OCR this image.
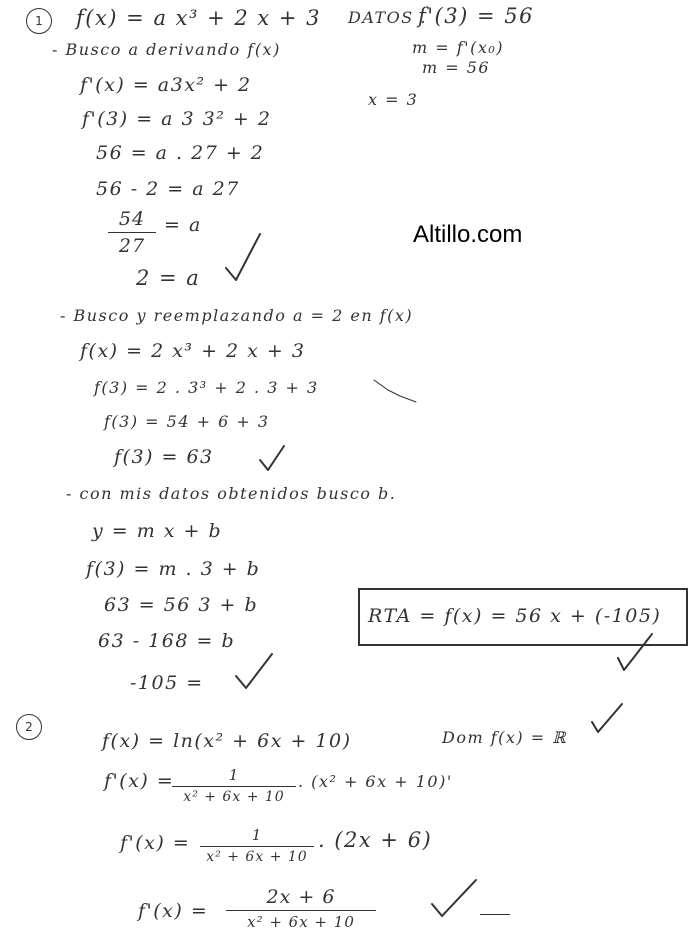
1	f(x) = a x³ + 2 x + 3 DATOS .
f'(3) = 56
m = f'(x₀)
m = 56
x = 3
- Busco a derivando f(x)
f'(x) = a3x² + 2
f'(3) = a 3 3² + 2
56 = a . 27 + 2
56 - 2 = a 27
54
27
= a
2 = a
- Busco y reemplazando a = 2 en f(x)
f(x) = 2 x³ + 2 x + 3
f(3) = 2 . 3³ + 2 . 3 + 3
f(3) = 54 + 6 + 3
f(3) = 63
- con mis datos obtenidos busco b.
y = m x + b
f(3) = m . 3 + b
63 = 56 3 + b
63 - 168 = b
-105 =
RTA = f(x) = 56 x + (-105)
2
f(x) = ln(x² + 6x + 10)	Dom f(x) = ℝ
f'(x) =	1
x² + 6x + 10
. (x² + 6x + 10)'
f'(x) =	1
x² + 6x + 10
. (2x + 6)
f'(x) =
2x + 6
x² + 6x + 10
Altillo.com
